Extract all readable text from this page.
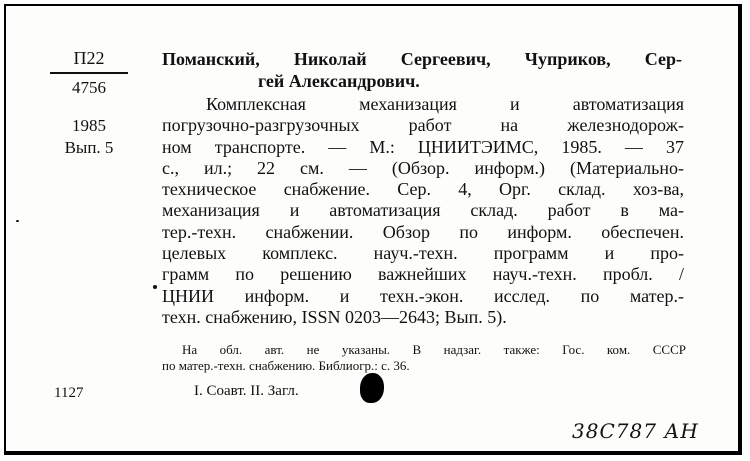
П22
4756
1985
Вып. 5
1127
Поманский, Николай Сергеевич, Чуприков, Сер-
гей Александрович.
Комплексная механизация и автоматизация
погрузочно-разгрузочных работ на железнодорож-
ном транспорте. — М.: ЦНИИТЭИМС, 1985. — 37
с., ил.; 22 см. — (Обзор. информ.) (Материально-
техническое снабжение. Сер. 4, Орг. склад. хоз-ва,
механизация и автоматизация склад. работ в ма-
тер.-техн. снабжении. Обзор по информ. обеспечен.
целевых комплекс. науч.-техн. программ и про-
грамм по решению важнейших науч.-техн. пробл. /
ЦНИИ информ. и техн.-экон. исслед. по матер.-
техн. снабжению, ISSN 0203—2643; Вып. 5).
На обл. авт. не указаны. В надзаг. также: Гос. ком. СССР
по матер.-техн. снабжению. Библиогр.: с. 36.
I. Соавт. II. Загл.
38С787 АН
